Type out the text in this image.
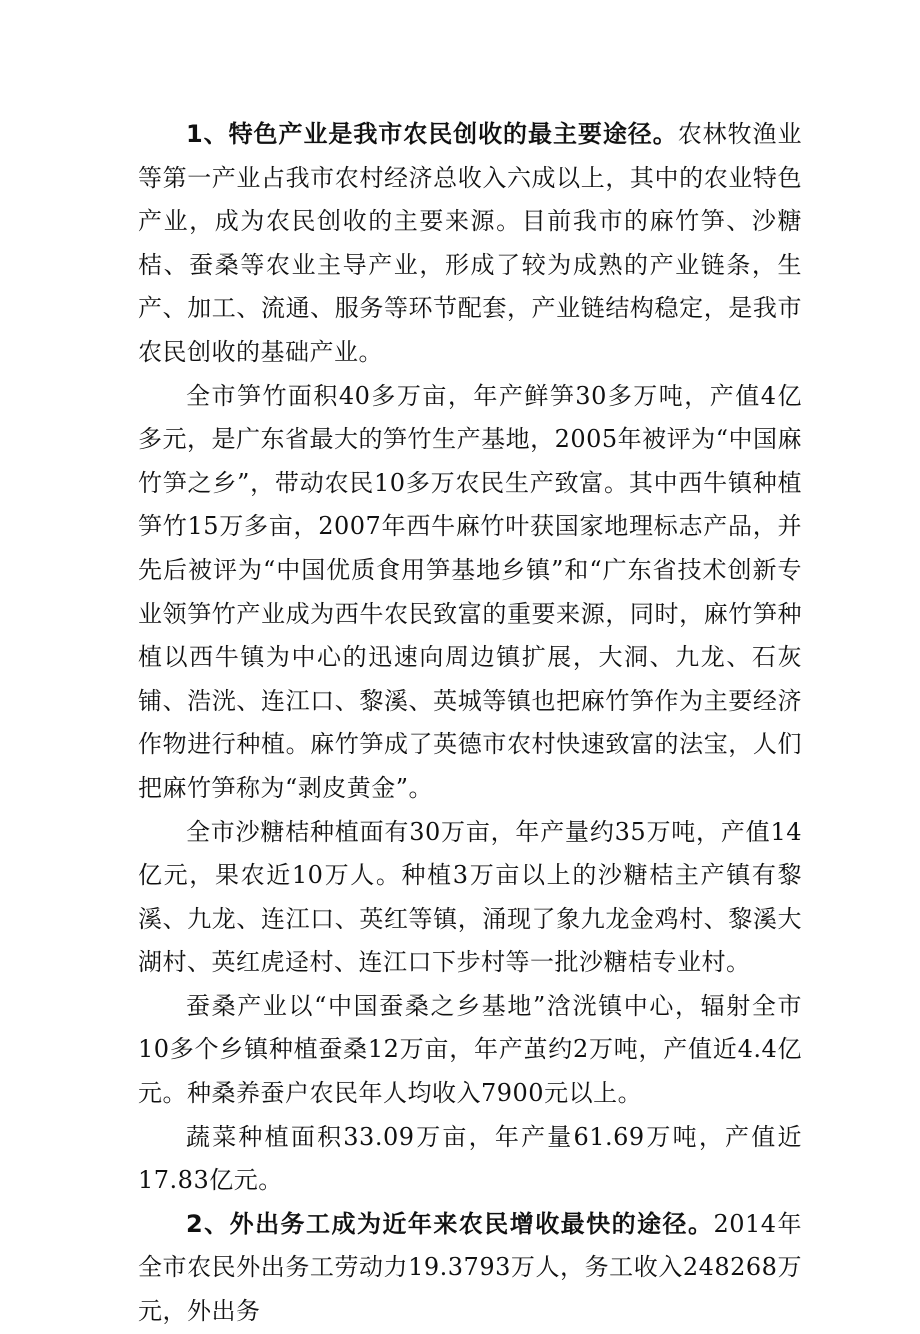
1、特色产业是我市农民创收的最主要途径。农林牧渔业等第一产业占我市农村经济总收入六成以上，其中的农业特色产业，成为农民创收的主要来源。目前我市的麻竹笋、沙糖桔、蚕桑等农业主导产业，形成了较为成熟的产业链条，生产、加工、流通、服务等环节配套，产业链结构稳定，是我市农民创收的基础产业。

全市笋竹面积40多万亩，年产鲜笋30多万吨，产值4亿多元，是广东省最大的笋竹生产基地，2005年被评为“中国麻竹笋之乡”，带动农民10多万农民生产致富。其中西牛镇种植笋竹15万多亩，2007年西牛麻竹叶获国家地理标志产品，并先后被评为“中国优质食用笋基地乡镇”和“广东省技术创新专业领笋竹产业成为西牛农民致富的重要来源，同时，麻竹笋种植以西牛镇为中心的迅速向周边镇扩展，大洞、九龙、石灰铺、浩洸、连江口、黎溪、英城等镇也把麻竹笋作为主要经济作物进行种植。麻竹笋成了英德市农村快速致富的法宝，人们把麻竹笋称为“剥皮黄金”。

全市沙糖桔种植面有30万亩，年产量约35万吨，产值14亿元，果农近10万人。种植3万亩以上的沙糖桔主产镇有黎溪、九龙、连江口、英红等镇，涌现了象九龙金鸡村、黎溪大湖村、英红虎迳村、连江口下步村等一批沙糖桔专业村。

蚕桑产业以“中国蚕桑之乡基地”浛洸镇中心，辐射全市10多个乡镇种植蚕桑12万亩，年产茧约2万吨，产值近4.4亿元。种桑养蚕户农民年人均收入7900元以上。

蔬菜种植面积33.09万亩，年产量61.69万吨，产值近17.83亿元。

2、外出务工成为近年来农民增收最快的途径。2014年全市农民外出务工劳动力19.3793万人，务工收入248268万元，外出务
